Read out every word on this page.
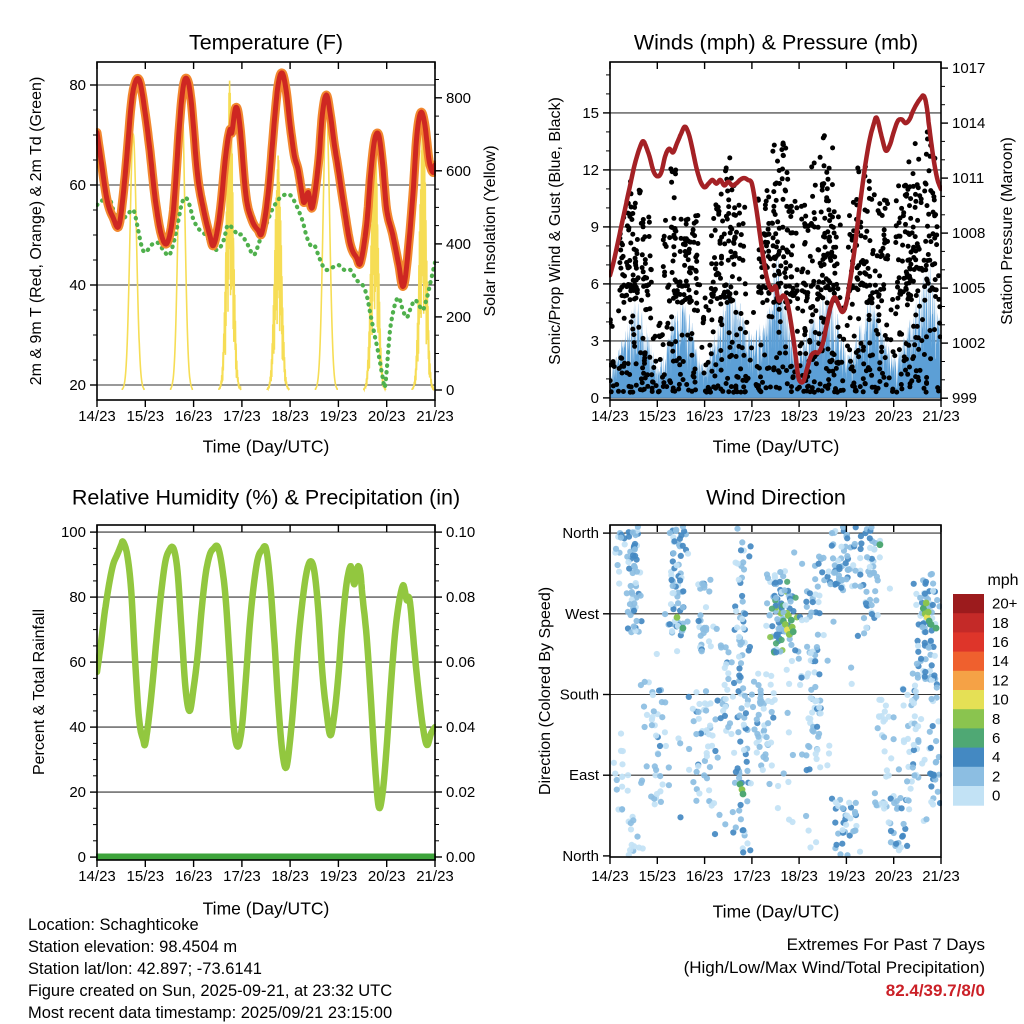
14/23 15/23 16/23 17/23 18/23 19/23 20/23 21/23
20
40
60
80
0
200
400
600
800
14/23 15/23 16/23 17/23 18/23 19/23 20/23 21/23
0
3
6
9
12
15
999
1002
1005
1008
1011
1014
1017
14/23 15/23 16/23 17/23 18/23 19/23 20/23 21/23
0
20
40
60
80
100
0.00
0.02
0.04
0.06
0.08
0.10
14/23 15/23 16/23 17/23 18/23 19/23 20/23 21/23
North
West
South
East
North
mph
20+
18
16
14
12
10
8
6
4
2
0
Temperature (F)	Winds (mph) & Pressure (mb)
Relative Humidity (%) & Precipitation (in)	Wind Direction
Time (Day/UTC)	Time (Day/UTC)
Time (Day/UTC)	Time (Day/UTC)
2m & 9m T (Red, Orange) & 2m Td (Green)	Solar Insolation (Yellow)	Sonic/Prop Wind & Gust (Blue, Black)	Station Pressure (Maroon)
Percent & Total Rainfall	Direction (Colored By Speed)
Location: Schaghticoke
Station elevation: 98.4504 m
Station lat/lon: 42.897; -73.6141
Figure created on Sun, 2025-09-21, at 23:32 UTC
Most recent data timestamp: 2025/09/21 23:15:00
Extremes For Past 7 Days
(High/Low/Max Wind/Total Precipitation)
82.4/39.7/8/0
